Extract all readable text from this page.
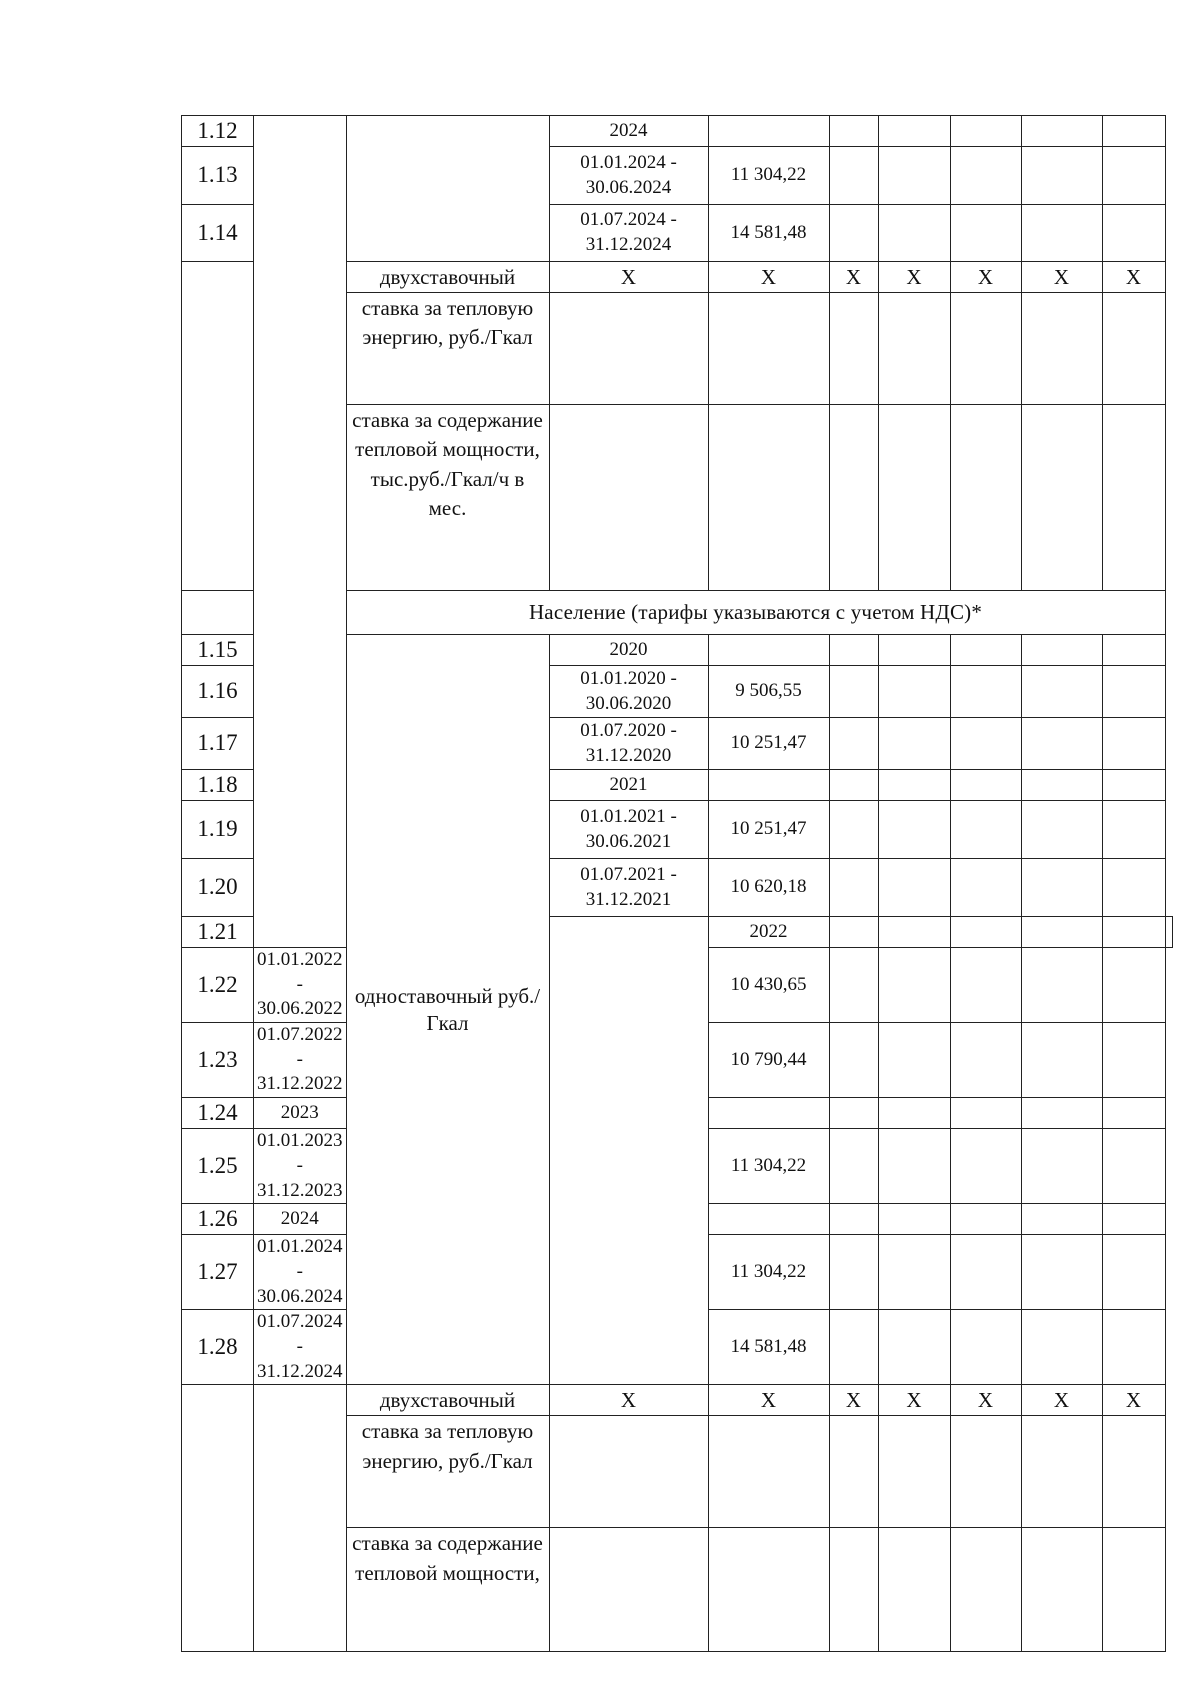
1.12			2024							
1.13			01.01.2024 - 30.06.2024	11 304,22						
1.14			01.07.2024 - 31.12.2024	14 581,48						
		двухставочный	X	X	X	X	X	X	X	
		ставка за тепловую энергию, руб./Гкал								
		ставка за содержание тепловой мощности, тыс.руб./Гкал/ч в мес.								
		Население (тарифы указываются с учетом НДС)*								
1.15		одноставочный руб./Гкал	2020							
1.16			01.01.2020 - 30.06.2020	9 506,55						
1.17			01.07.2020 - 31.12.2020	10 251,47						
1.18			2021							
1.19			01.01.2021 - 30.06.2021	10 251,47						
1.20			01.07.2021 - 31.12.2021	10 620,18						
1.21				2022						
1.22	01.01.2022 - 30.06.2022			10 430,65						
1.23	01.07.2022 - 31.12.2022			10 790,44						
1.24	2023									
1.25	01.01.2023 - 31.12.2023			11 304,22						
1.26	2024									
1.27	01.01.2024 - 30.06.2024			11 304,22						
1.28	01.07.2024 - 31.12.2024			14 581,48						
		двухставочный	X	X	X	X	X	X	X	
		ставка за тепловую энергию, руб./Гкал								
		ставка за содержание тепловой мощности,								
